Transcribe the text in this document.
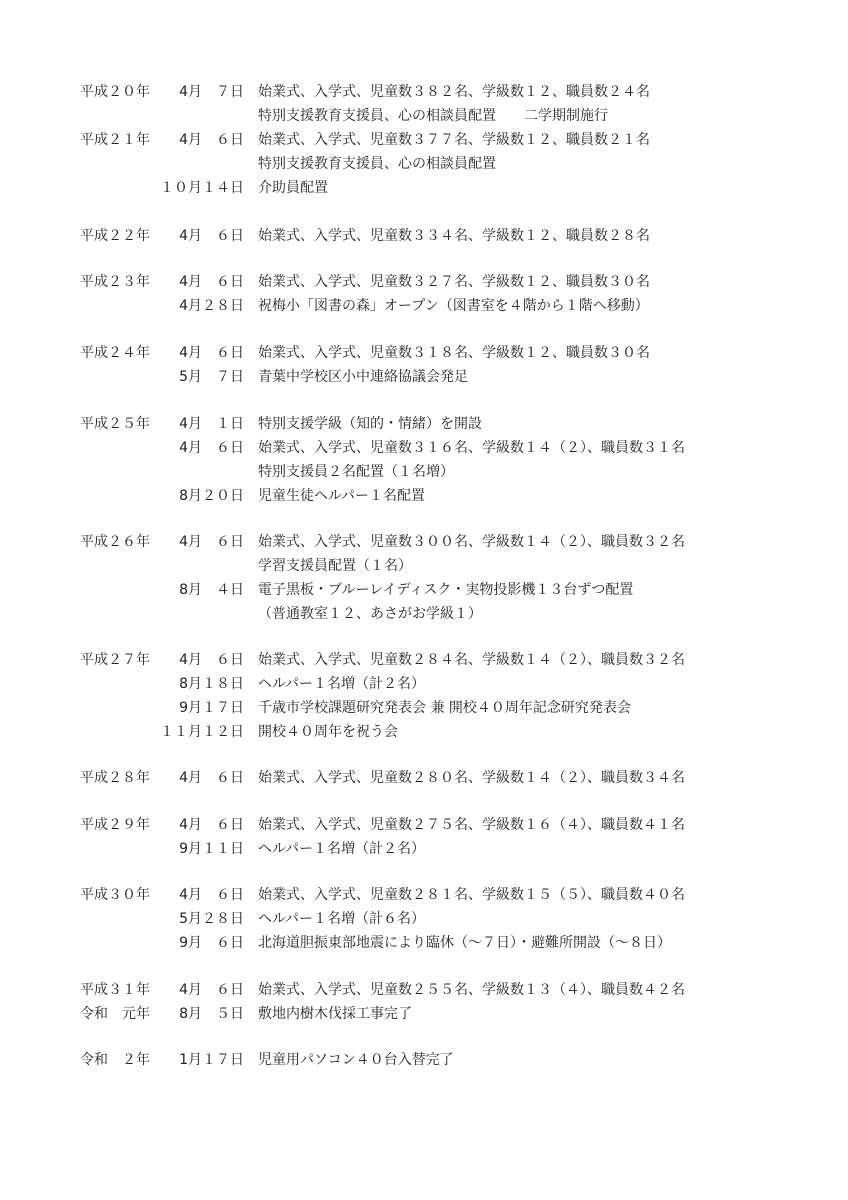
平成２０年	4月　７日 始業式、入学式、児童数３８２名、学級数１２、職員数２４名
特別支援教育支援員、心の相談員配置　　二学期制施行
平成２１年	4月　６日 始業式、入学式、児童数３７７名、学級数１２、職員数２１名
特別支援教育支援員、心の相談員配置
１０月１４日 介助員配置
平成２２年	4月　６日 始業式、入学式、児童数３３４名、学級数１２、職員数２８名
平成２３年	4月　６日 始業式、入学式、児童数３２７名、学級数１２、職員数３０名
4月２８日 祝梅小「図書の森」オープン（図書室を４階から１階へ移動）
平成２４年	4月　６日 始業式、入学式、児童数３１８名、学級数１２、職員数３０名
5月　７日 青葉中学校区小中連絡協議会発足
平成２５年	4月　１日 特別支援学級（知的・情緒）を開設
4月　６日 始業式、入学式、児童数３１６名、学級数１４（２）、職員数３１名
特別支援員２名配置（１名増）
8月２０日 児童生徒ヘルパー１名配置
平成２６年	4月　６日 始業式、入学式、児童数３００名、学級数１４（２）、職員数３２名
学習支援員配置（１名）
8月　４日 電子黒板・ブルーレイディスク・実物投影機１３台ずつ配置
（普通教室１２、あさがお学級１）
平成２７年	4月　６日 始業式、入学式、児童数２８４名、学級数１４（２）、職員数３２名
8月１８日 ヘルパー１名増（計２名）
9月１７日 千歳市学校課題研究発表会 兼 開校４０周年記念研究発表会
１１月１２日 開校４０周年を祝う会
平成２８年	4月　６日 始業式、入学式、児童数２８０名、学級数１４（２）、職員数３４名
平成２９年	4月　６日 始業式、入学式、児童数２７５名、学級数１６（４）、職員数４１名
9月１１日 ヘルパー１名増（計２名）
平成３０年	4月　６日 始業式、入学式、児童数２８１名、学級数１５（５）、職員数４０名
5月２８日 ヘルパー１名増（計６名）
9月　６日 北海道胆振東部地震により臨休（～７日）・避難所開設（～８日）
平成３１年	4月　６日 始業式、入学式、児童数２５５名、学級数１３（４）、職員数４２名
令和　元年	8月　５日 敷地内樹木伐採工事完了
令和　２年	1月１７日 児童用パソコン４０台入替完了
